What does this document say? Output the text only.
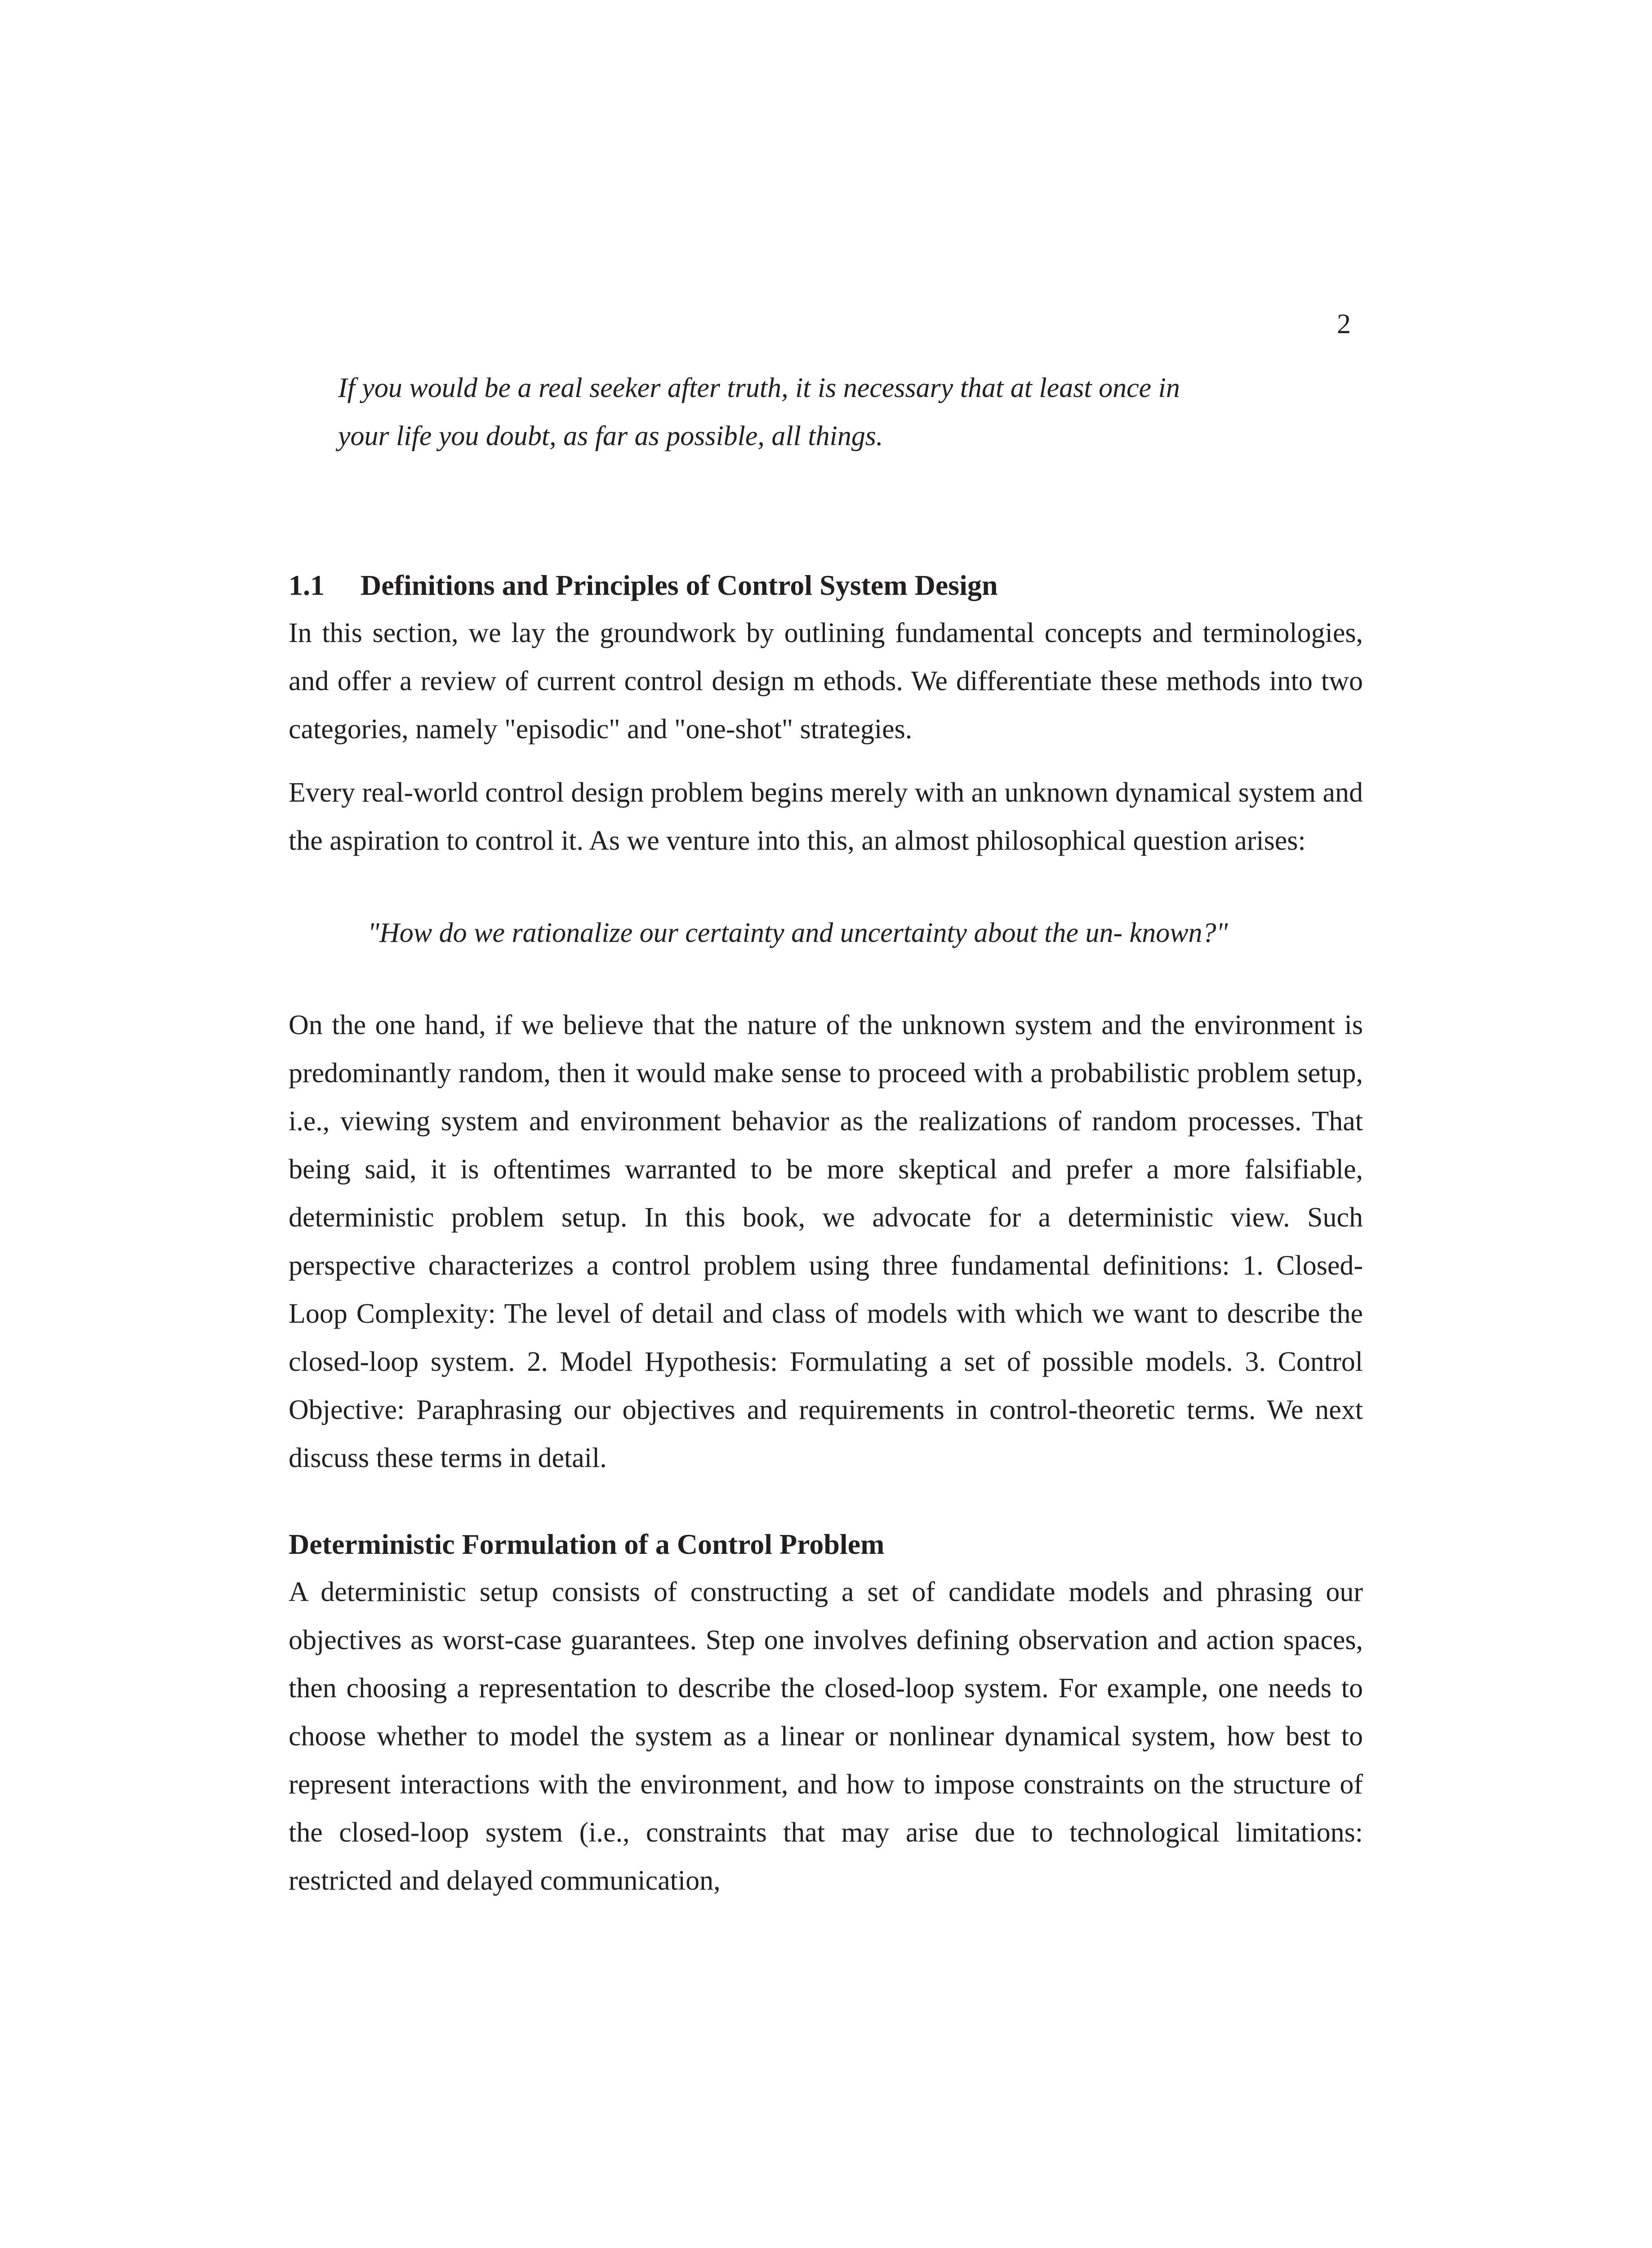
2

If you would be a real seeker after truth, it is necessary that at least once in

your life you doubt, as far as possible, all things.

1.1 Definitions and Principles of Control System Design

In this section, we lay the groundwork by outlining fundamental concepts and terminologies, and offer a review of current control design m ethods. We differentiate these methods into two categories, namely "episodic" and "one-shot" strategies.

Every real-world control design problem begins merely with an unknown dynamical system and the aspiration to control it. As we venture into this, an almost philosophical question arises:

"How do we rationalize our certainty and uncertainty about the un- known?"

On the one hand, if we believe that the nature of the unknown system and the environment is predominantly random, then it would make sense to proceed with a probabilistic problem setup, i.e., viewing system and environment behavior as the realizations of random processes. That being said, it is oftentimes warranted to be more skeptical and prefer a more falsifiable, deterministic problem setup. In this book, we advocate for a deterministic view. Such perspective characterizes a control problem using three fundamental definitions: 1. Closed-Loop Complexity: The level of detail and class of models with which we want to describe the closed-loop system. 2. Model Hypothesis: Formulating a set of possible models. 3. Control Objective: Paraphrasing our objectives and requirements in control-theoretic terms. We next discuss these terms in detail.

Deterministic Formulation of a Control Problem

A deterministic setup consists of constructing a set of candidate models and phrasing our objectives as worst-case guarantees. Step one involves defining observation and action spaces, then choosing a representation to describe the closed-loop system. For example, one needs to choose whether to model the system as a linear or nonlinear dynamical system, how best to represent interactions with the environment, and how to impose constraints on the structure of the closed-loop system (i.e., constraints that may arise due to technological limitations: restricted and delayed communication,
